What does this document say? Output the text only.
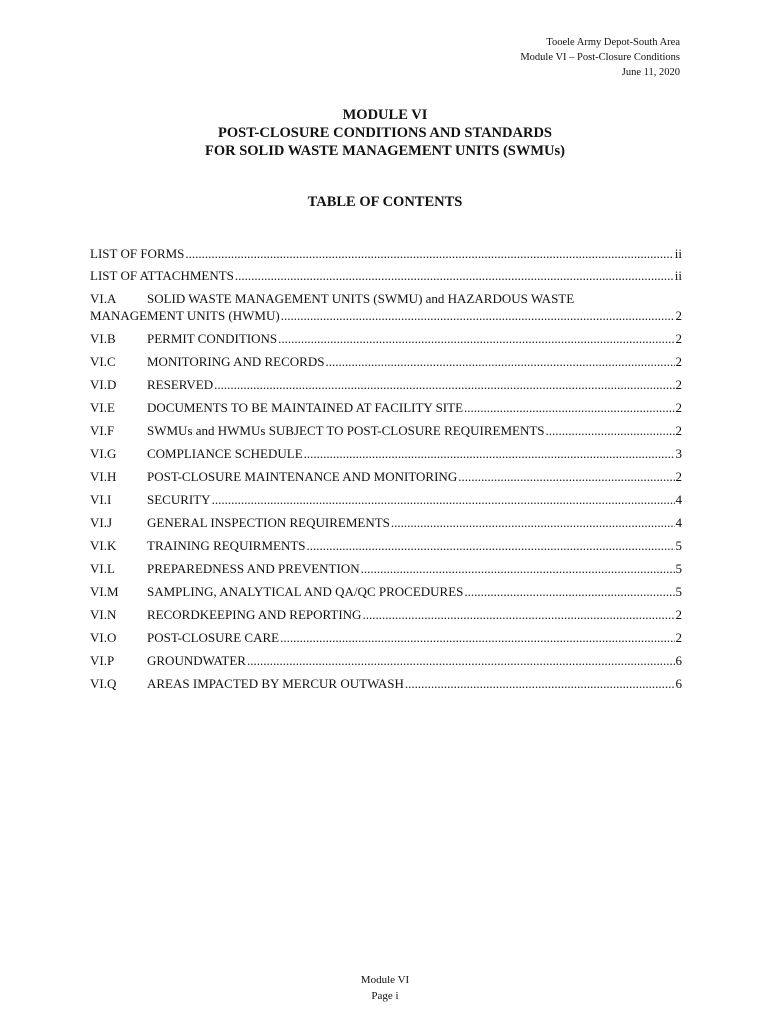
Tooele Army Depot-South Area
Module VI – Post-Closure Conditions
June 11, 2020
MODULE VI
POST-CLOSURE CONDITIONS AND STANDARDS
FOR SOLID WASTE MANAGEMENT UNITS (SWMUs)
TABLE OF CONTENTS
LIST OF FORMS .....	ii
LIST OF ATTACHMENTS .....	ii
VI.A	SOLID WASTE MANAGEMENT UNITS (SWMU) and HAZARDOUS WASTE
MANAGEMENT UNITS (HWMU) .....	2
VI.B	PERMIT CONDITIONS .....	2
VI.C	MONITORING AND RECORDS .....	2
VI.D	RESERVED .....	2
VI.E	DOCUMENTS TO BE MAINTAINED AT FACILITY SITE .....	2
VI.F	SWMUs and HWMUs SUBJECT TO POST-CLOSURE REQUIREMENTS .....	2
VI.G	COMPLIANCE SCHEDULE .....	3
VI.H	POST-CLOSURE MAINTENANCE AND MONITORING .....	2
VI.I	SECURITY .....	4
VI.J	GENERAL INSPECTION REQUIREMENTS .....	4
VI.K	TRAINING REQUIRMENTS .....	5
VI.L	PREPAREDNESS AND PREVENTION .....	5
VI.M	SAMPLING, ANALYTICAL AND QA/QC PROCEDURES .....	5
VI.N	RECORDKEEPING AND REPORTING .....	2
VI.O	POST-CLOSURE CARE .....	2
VI.P	GROUNDWATER .....	6
VI.Q	AREAS IMPACTED BY MERCUR OUTWASH .....	6
Module VI
Page i
